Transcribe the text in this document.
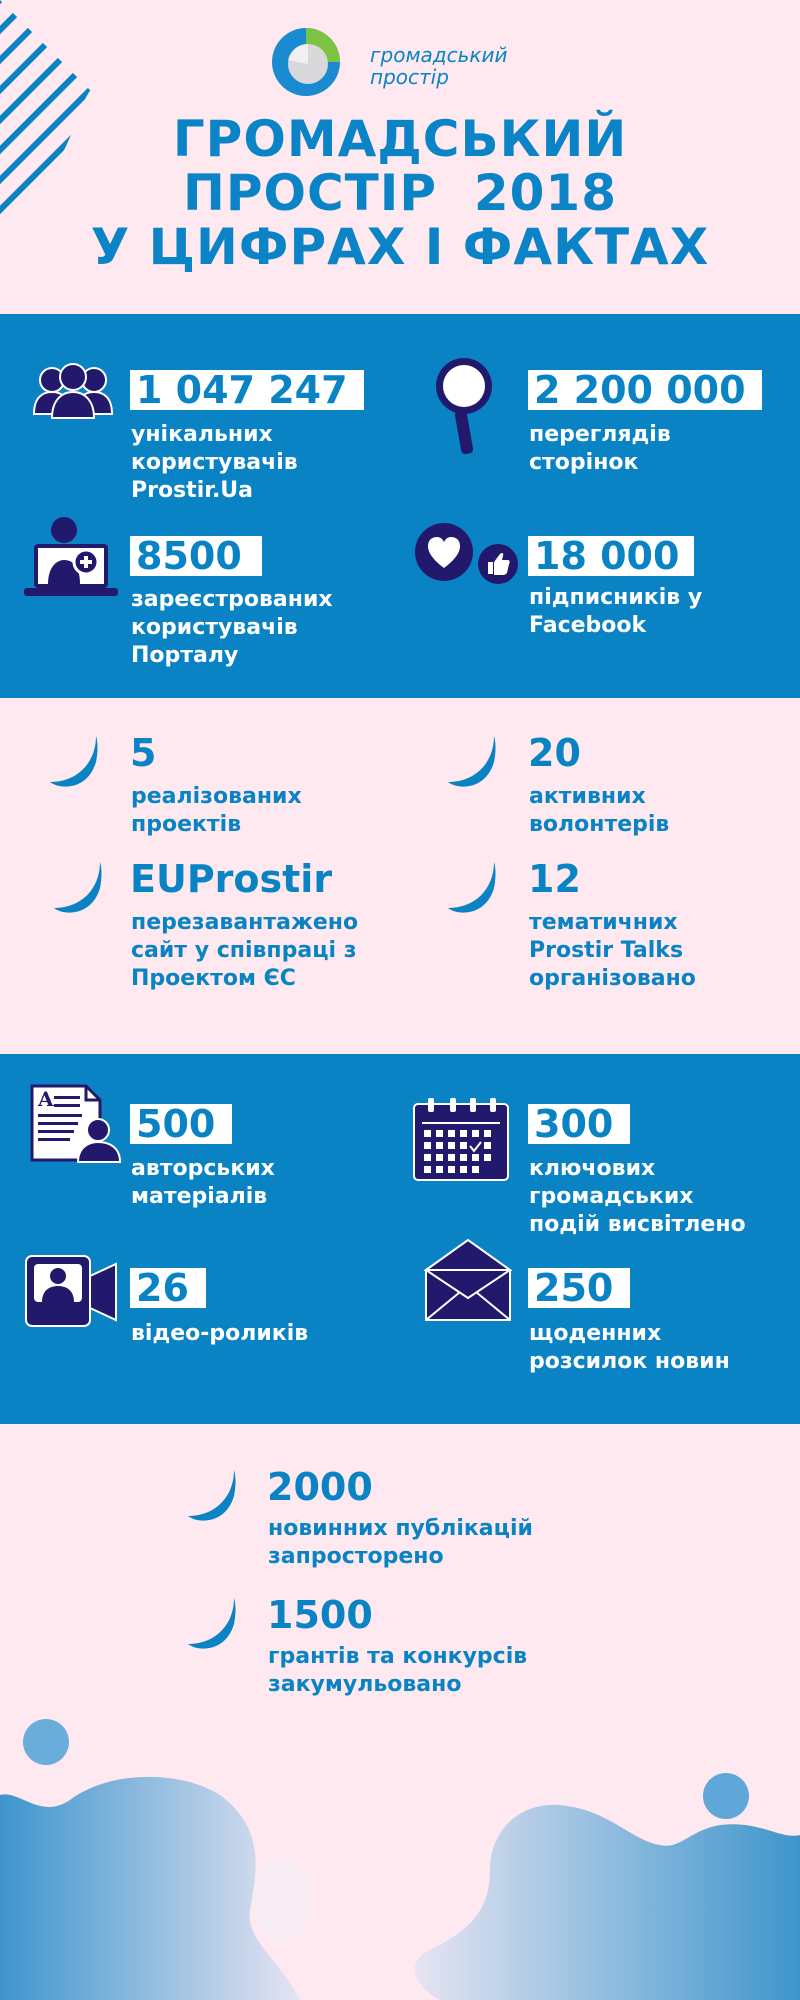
громадський
простір
ГРОМАДСЬКИЙ
ПРОСТІР  2018
У ЦИФРАХ І ФАКТАХ
1 047 247
унікальних
користувачів
Prostir.Ua
2 200 000
переглядів
сторінок
8500
зареєстрованих
користувачів
Порталу
18 000
підписників у
Facebook
5
реалізованих
проектів
20
активних
волонтерів
EUProstir
перезавантажено
сайт у співпраці з
Проектом ЄС
12
тематичних
Prostir Talks
організовано
A
500
авторських
матеріалів
300
ключових
громадських
подій висвітлено
26
відео-роликів
250
щоденних
розсилок новин
2000
новинних публікацій
запросторено
1500
грантів та конкурсів
закумульовано
